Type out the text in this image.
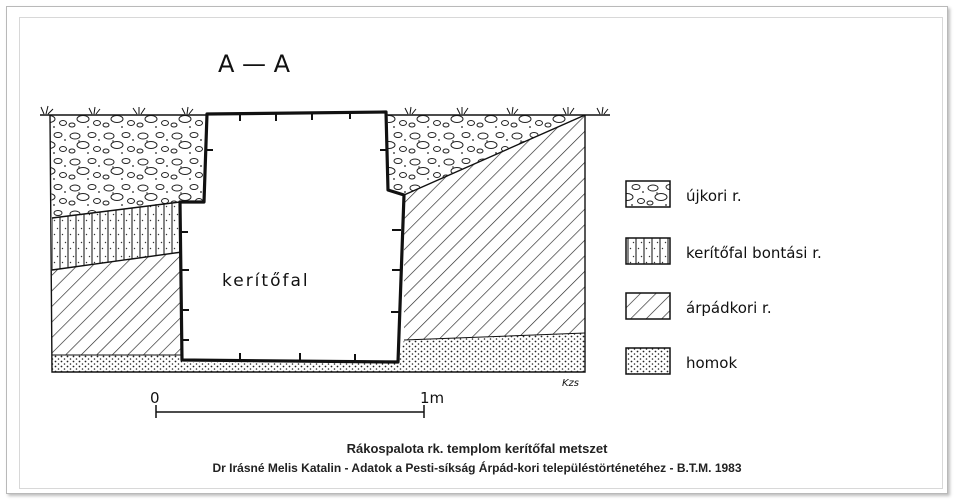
A — A
kerítőfal
Kzs
0	1m
újkori r.
kerítőfal bontási r.
árpádkori r.
homok
Rákospalota rk. templom kerítőfal metszet
Dr Irásné Melis Katalin - Adatok a Pesti-síkság Árpád-kori településtörténetéhez - B.T.M. 1983
